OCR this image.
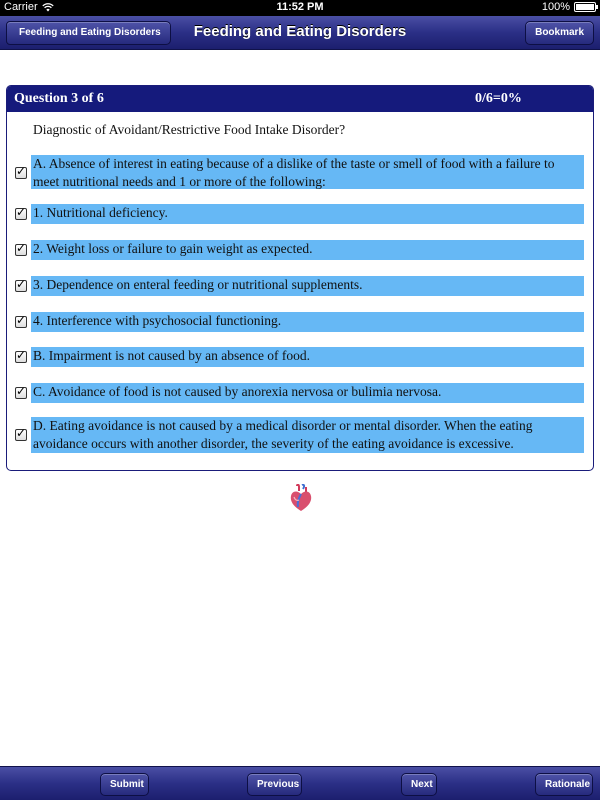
Carrier	11:52 PM	100%
Feeding and Eating Disorders	Feeding and Eating Disorders	Bookmark
Question 3 of 6	0/6=0%
Diagnostic of Avoidant/Restrictive Food Intake Disorder?
✓ A. Absence of interest in eating because of a dislike of the taste or smell of food with a failure to meet nutritional needs and 1 or more of the following:
✓ 1. Nutritional deficiency.
✓ 2. Weight loss or failure to gain weight as expected.
✓ 3. Dependence on enteral feeding or nutritional supplements.
✓ 4. Interference with psychosocial functioning.
✓ B. Impairment is not caused by an absence of food.
✓ C. Avoidance of food is not caused by anorexia nervosa or bulimia nervosa.
✓ D. Eating avoidance is not caused by a medical disorder or mental disorder. When the eating avoidance occurs with another disorder, the severity of the eating avoidance is excessive.
Submit	Previous	Next	Rationale
